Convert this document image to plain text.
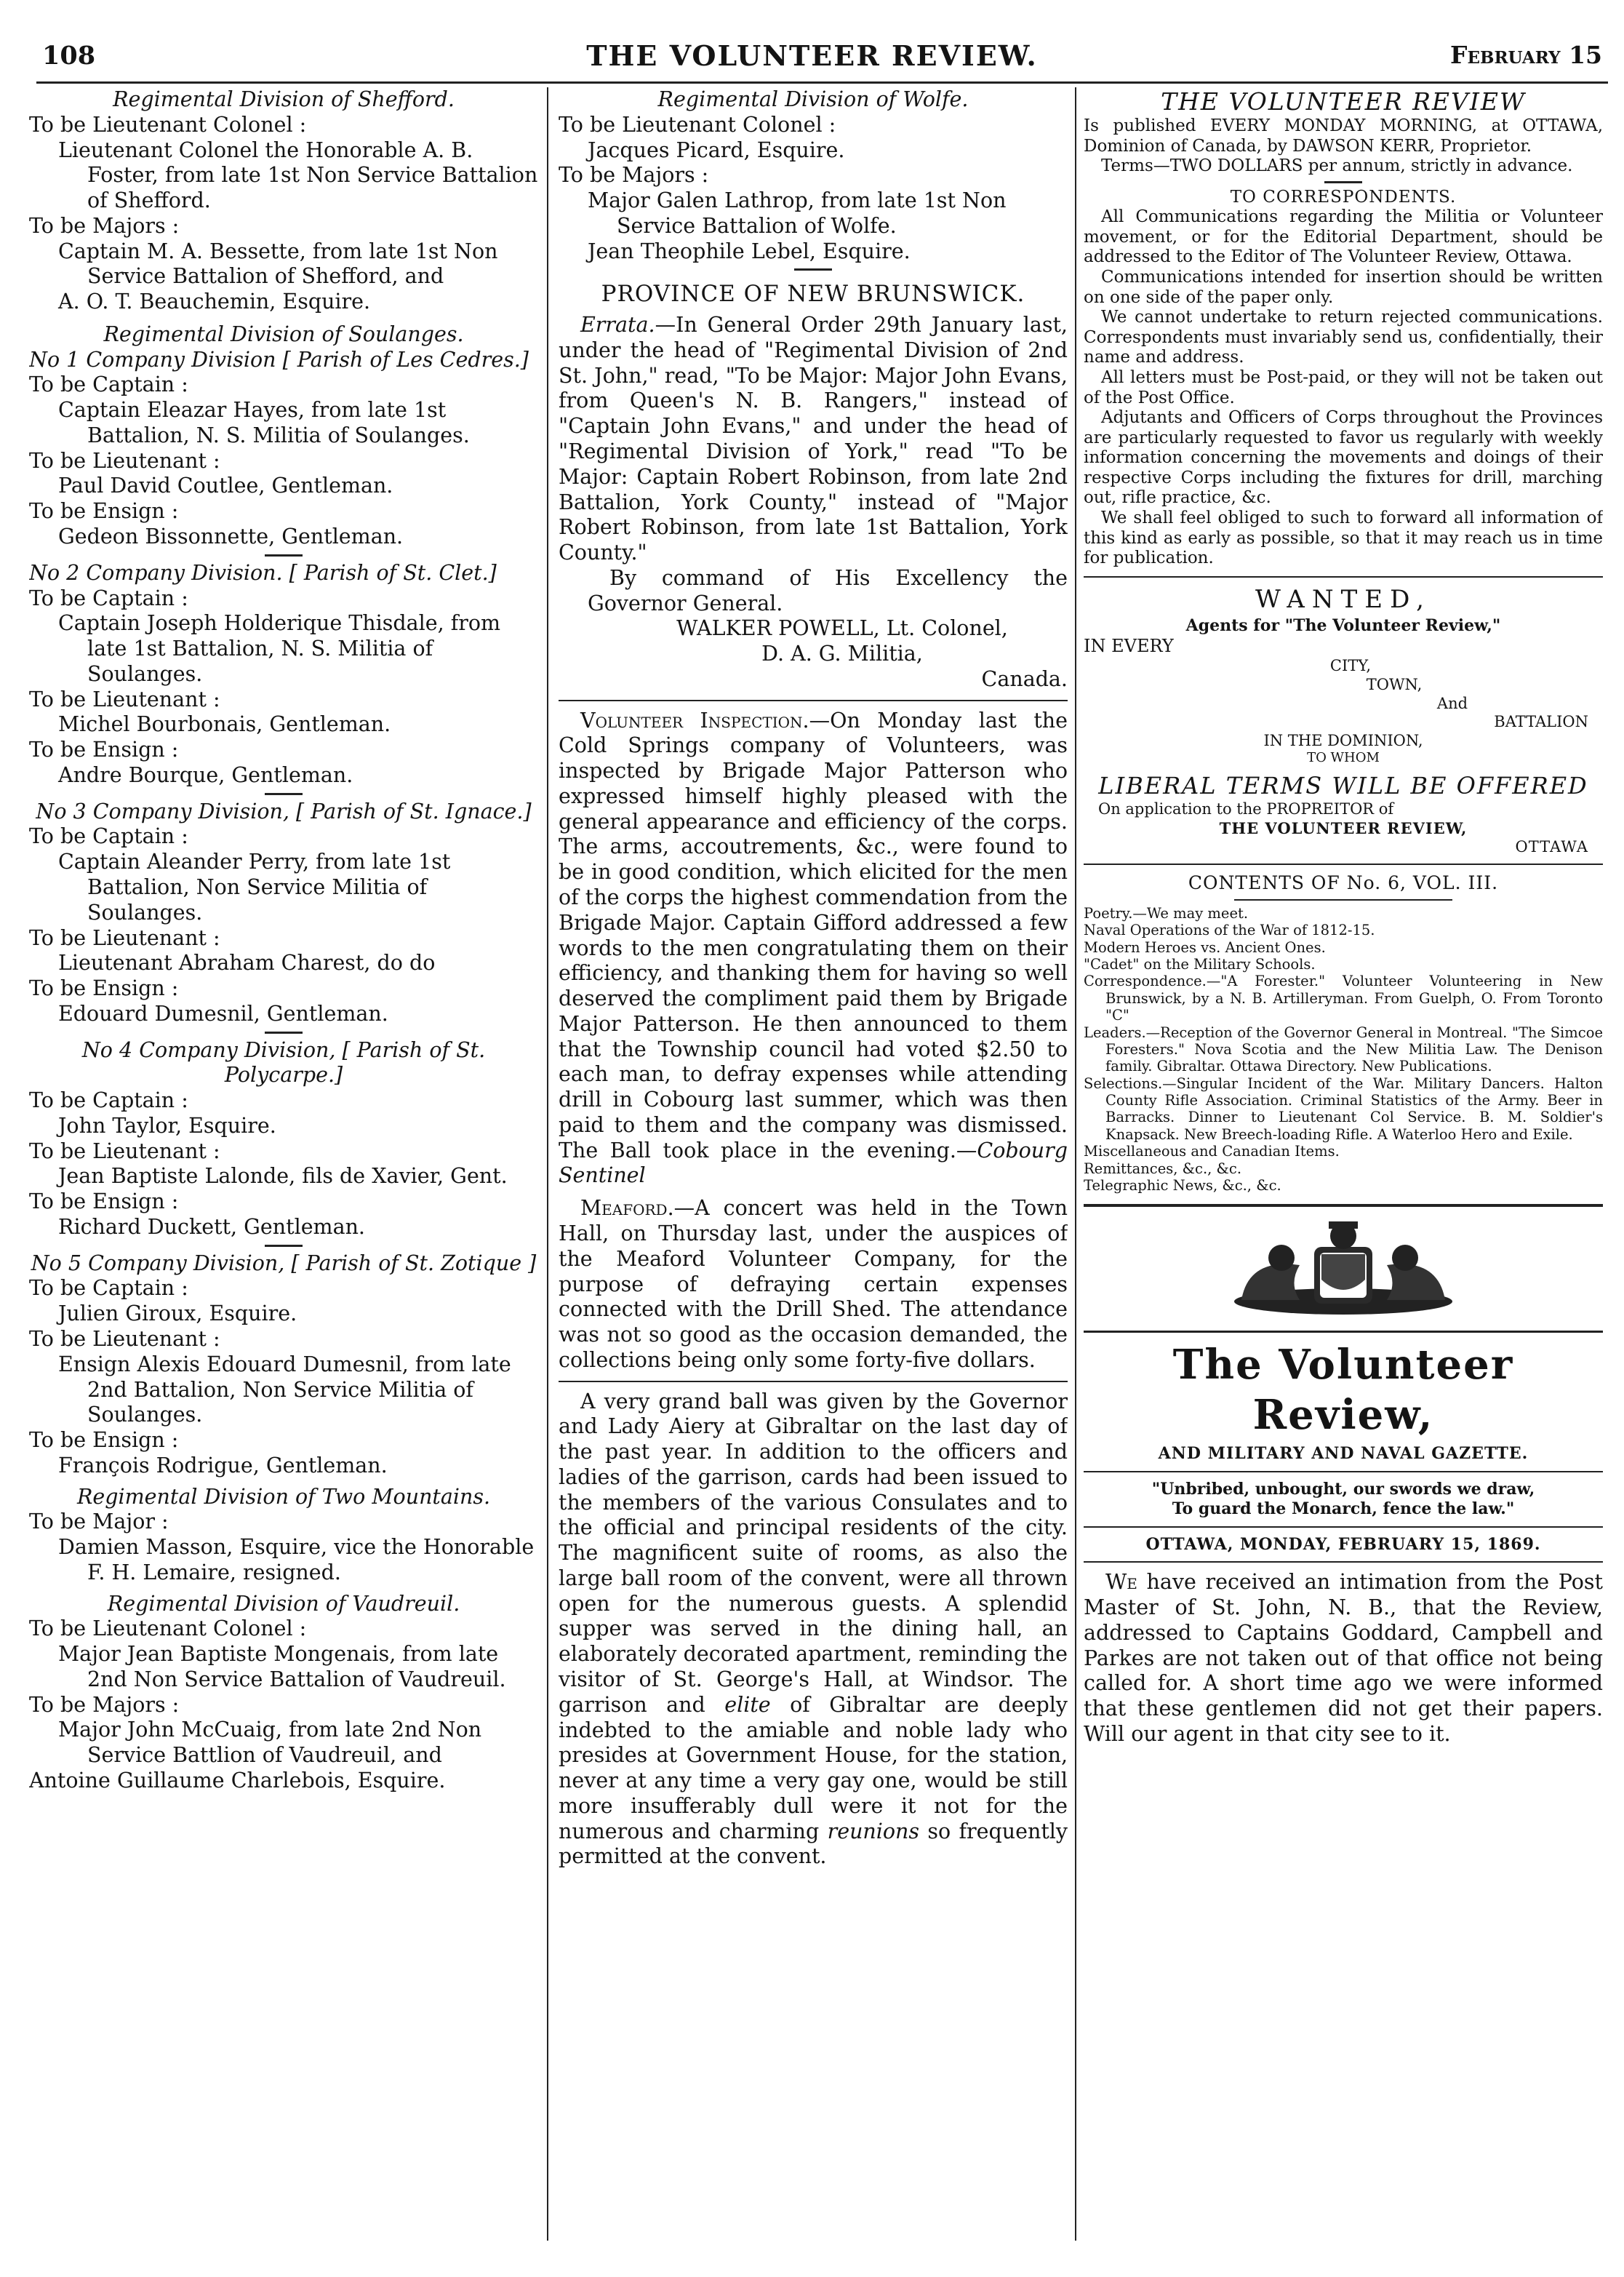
108	THE VOLUNTEER REVIEW.	February 15

Regimental Division of Shefford.

To be Lieutenant Colonel :

Lieutenant Colonel the Honorable A. B. Foster, from late 1st Non Service Battalion of Shefford.

To be Majors :

Captain M. A. Bessette, from late 1st Non Service Battalion of Shefford, and

A. O. T. Beauchemin, Esquire.

Regimental Division of Soulanges.

No 1 Company Division [ Parish of Les Cedres.]

To be Captain :

Captain Eleazar Hayes, from late 1st Battalion, N. S. Militia of Soulanges.

To be Lieutenant :

Paul David Coutlee, Gentleman.

To be Ensign :

Gedeon Bissonnette, Gentleman.

No 2 Company Division. [ Parish of St. Clet.]

To be Captain :

Captain Joseph Holderique Thisdale, from late 1st Battalion, N. S. Militia of Soulanges.

To be Lieutenant :

Michel Bourbonais, Gentleman.

To be Ensign :

Andre Bourque, Gentleman.

No 3 Company Division, [ Parish of St. Ignace.]

To be Captain :

Captain Aleander Perry, from late 1st Battalion, Non Service Militia of Soulanges.

To be Lieutenant :

Lieutenant Abraham Charest, do do

To be Ensign :

Edouard Dumesnil, Gentleman.

No 4 Company Division, [ Parish of St. Polycarpe.]

To be Captain :

John Taylor, Esquire.

To be Lieutenant :

Jean Baptiste Lalonde, fils de Xavier, Gent.

To be Ensign :

Richard Duckett, Gentleman.

No 5 Company Division, [ Parish of St. Zotique ]

To be Captain :

Julien Giroux, Esquire.

To be Lieutenant :

Ensign Alexis Edouard Dumesnil, from late 2nd Battalion, Non Service Militia of Soulanges.

To be Ensign :

François Rodrigue, Gentleman.

Regimental Division of Two Mountains.

To be Major :

Damien Masson, Esquire, vice the Honorable F. H. Lemaire, resigned.

Regimental Division of Vaudreuil.

To be Lieutenant Colonel :

Major Jean Baptiste Mongenais, from late 2nd Non Service Battalion of Vaudreuil.

To be Majors :

Major John McCuaig, from late 2nd Non Service Battlion of Vaudreuil, and

Antoine Guillaume Charlebois, Esquire.

Regimental Division of Wolfe.

To be Lieutenant Colonel :

Jacques Picard, Esquire.

To be Majors :

Major Galen Lathrop, from late 1st Non Service Battalion of Wolfe.

Jean Theophile Lebel, Esquire.

PROVINCE OF NEW BRUNSWICK.

Errata.—In General Order 29th January last, under the head of "Regimental Division of 2nd St. John," read, "To be Major: Major John Evans, from Queen's N. B. Rangers," instead of "Captain John Evans," and under the head of "Regimental Division of York," read "To be Major: Captain Robert Robinson, from late 2nd Battalion, York County," instead of "Major Robert Robinson, from late 1st Battalion, York County."

By command of His Excellency the Governor General.

WALKER POWELL, Lt. Colonel,

D. A. G. Militia,

Canada.

Volunteer Inspection.—On Monday last the Cold Springs company of Volunteers, was inspected by Brigade Major Patterson who expressed himself highly pleased with the general appearance and efficiency of the corps. The arms, accoutrements, &c., were found to be in good condition, which elicited for the men of the corps the highest commendation from the Brigade Major. Captain Gifford addressed a few words to the men congratulating them on their efficiency, and thanking them for having so well deserved the compliment paid them by Brigade Major Patterson. He then announced to them that the Township council had voted $2.50 to each man, to defray expenses while attending drill in Cobourg last summer, which was then paid to them and the company was dismissed. The Ball took place in the evening.—Cobourg Sentinel

Meaford.—A concert was held in the Town Hall, on Thursday last, under the auspices of the Meaford Volunteer Company, for the purpose of defraying certain expenses connected with the Drill Shed. The attendance was not so good as the occasion demanded, the collections being only some forty-five dollars.

A very grand ball was given by the Governor and Lady Aiery at Gibraltar on the last day of the past year. In addition to the officers and ladies of the garrison, cards had been issued to the members of the various Consulates and to the official and principal residents of the city. The magnificent suite of rooms, as also the large ball room of the convent, were all thrown open for the numerous guests. A splendid supper was served in the dining hall, an elaborately decorated apartment, reminding the visitor of St. George's Hall, at Windsor. The garrison and elite of Gibraltar are deeply indebted to the amiable and noble lady who presides at Government House, for the station, never at any time a very gay one, would be still more insufferably dull were it not for the numerous and charming reunions so frequently permitted at the convent.

THE VOLUNTEER REVIEW

Is published EVERY MONDAY MORNING, at OTTAWA, Dominion of Canada, by DAWSON KERR, Proprietor.

Terms—TWO DOLLARS per annum, strictly in advance.

TO CORRESPONDENTS.

All Communications regarding the Militia or Volunteer movement, or for the Editorial Department, should be addressed to the Editor of The Volunteer Review, Ottawa.

Communications intended for insertion should be written on one side of the paper only.

We cannot undertake to return rejected communications. Correspondents must invariably send us, confidentially, their name and address.

All letters must be Post-paid, or they will not be taken out of the Post Office.

Adjutants and Officers of Corps throughout the Provinces are particularly requested to favor us regularly with weekly information concerning the movements and doings of their respective Corps including the fixtures for drill, marching out, rifle practice, &c.

We shall feel obliged to such to forward all information of this kind as early as possible, so that it may reach us in time for publication.

WANTED,

Agents for "The Volunteer Review,"

IN EVERY

CITY,

TOWN,

And

BATTALION

IN THE DOMINION,

TO WHOM

LIBERAL TERMS WILL BE OFFERED

On application to the PROPREITOR of

THE VOLUNTEER REVIEW,

OTTAWA

CONTENTS OF No. 6, VOL. III.

Poetry.—We may meet.

Naval Operations of the War of 1812-15.

Modern Heroes vs. Ancient Ones.

"Cadet" on the Military Schools.

Correspondence.—"A Forester." Volunteer Volunteering in New Brunswick, by a N. B. Artilleryman. From Guelph, O. From Toronto "C"

Leaders.—Reception of the Governor General in Montreal. "The Simcoe Foresters." Nova Scotia and the New Militia Law. The Denison family. Gibraltar. Ottawa Directory. New Publications.

Selections.—Singular Incident of the War. Military Dancers. Halton County Rifle Association. Criminal Statistics of the Army. Beer in Barracks. Dinner to Lieutenant Col Service. B. M. Soldier's Knapsack. New Breech-loading Rifle. A Waterloo Hero and Exile.

Miscellaneous and Canadian Items.

Remittances, &c., &c.

Telegraphic News, &c., &c.

The Volunteer Review,

AND MILITARY AND NAVAL GAZETTE.

"Unbribed, unbought, our swords we draw,

To guard the Monarch, fence the law."

OTTAWA, MONDAY, FEBRUARY 15, 1869.

We have received an intimation from the Post Master of St. John, N. B., that the Review, addressed to Captains Goddard, Campbell and Parkes are not taken out of that office not being called for. A short time ago we were informed that these gentlemen did not get their papers. Will our agent in that city see to it.
